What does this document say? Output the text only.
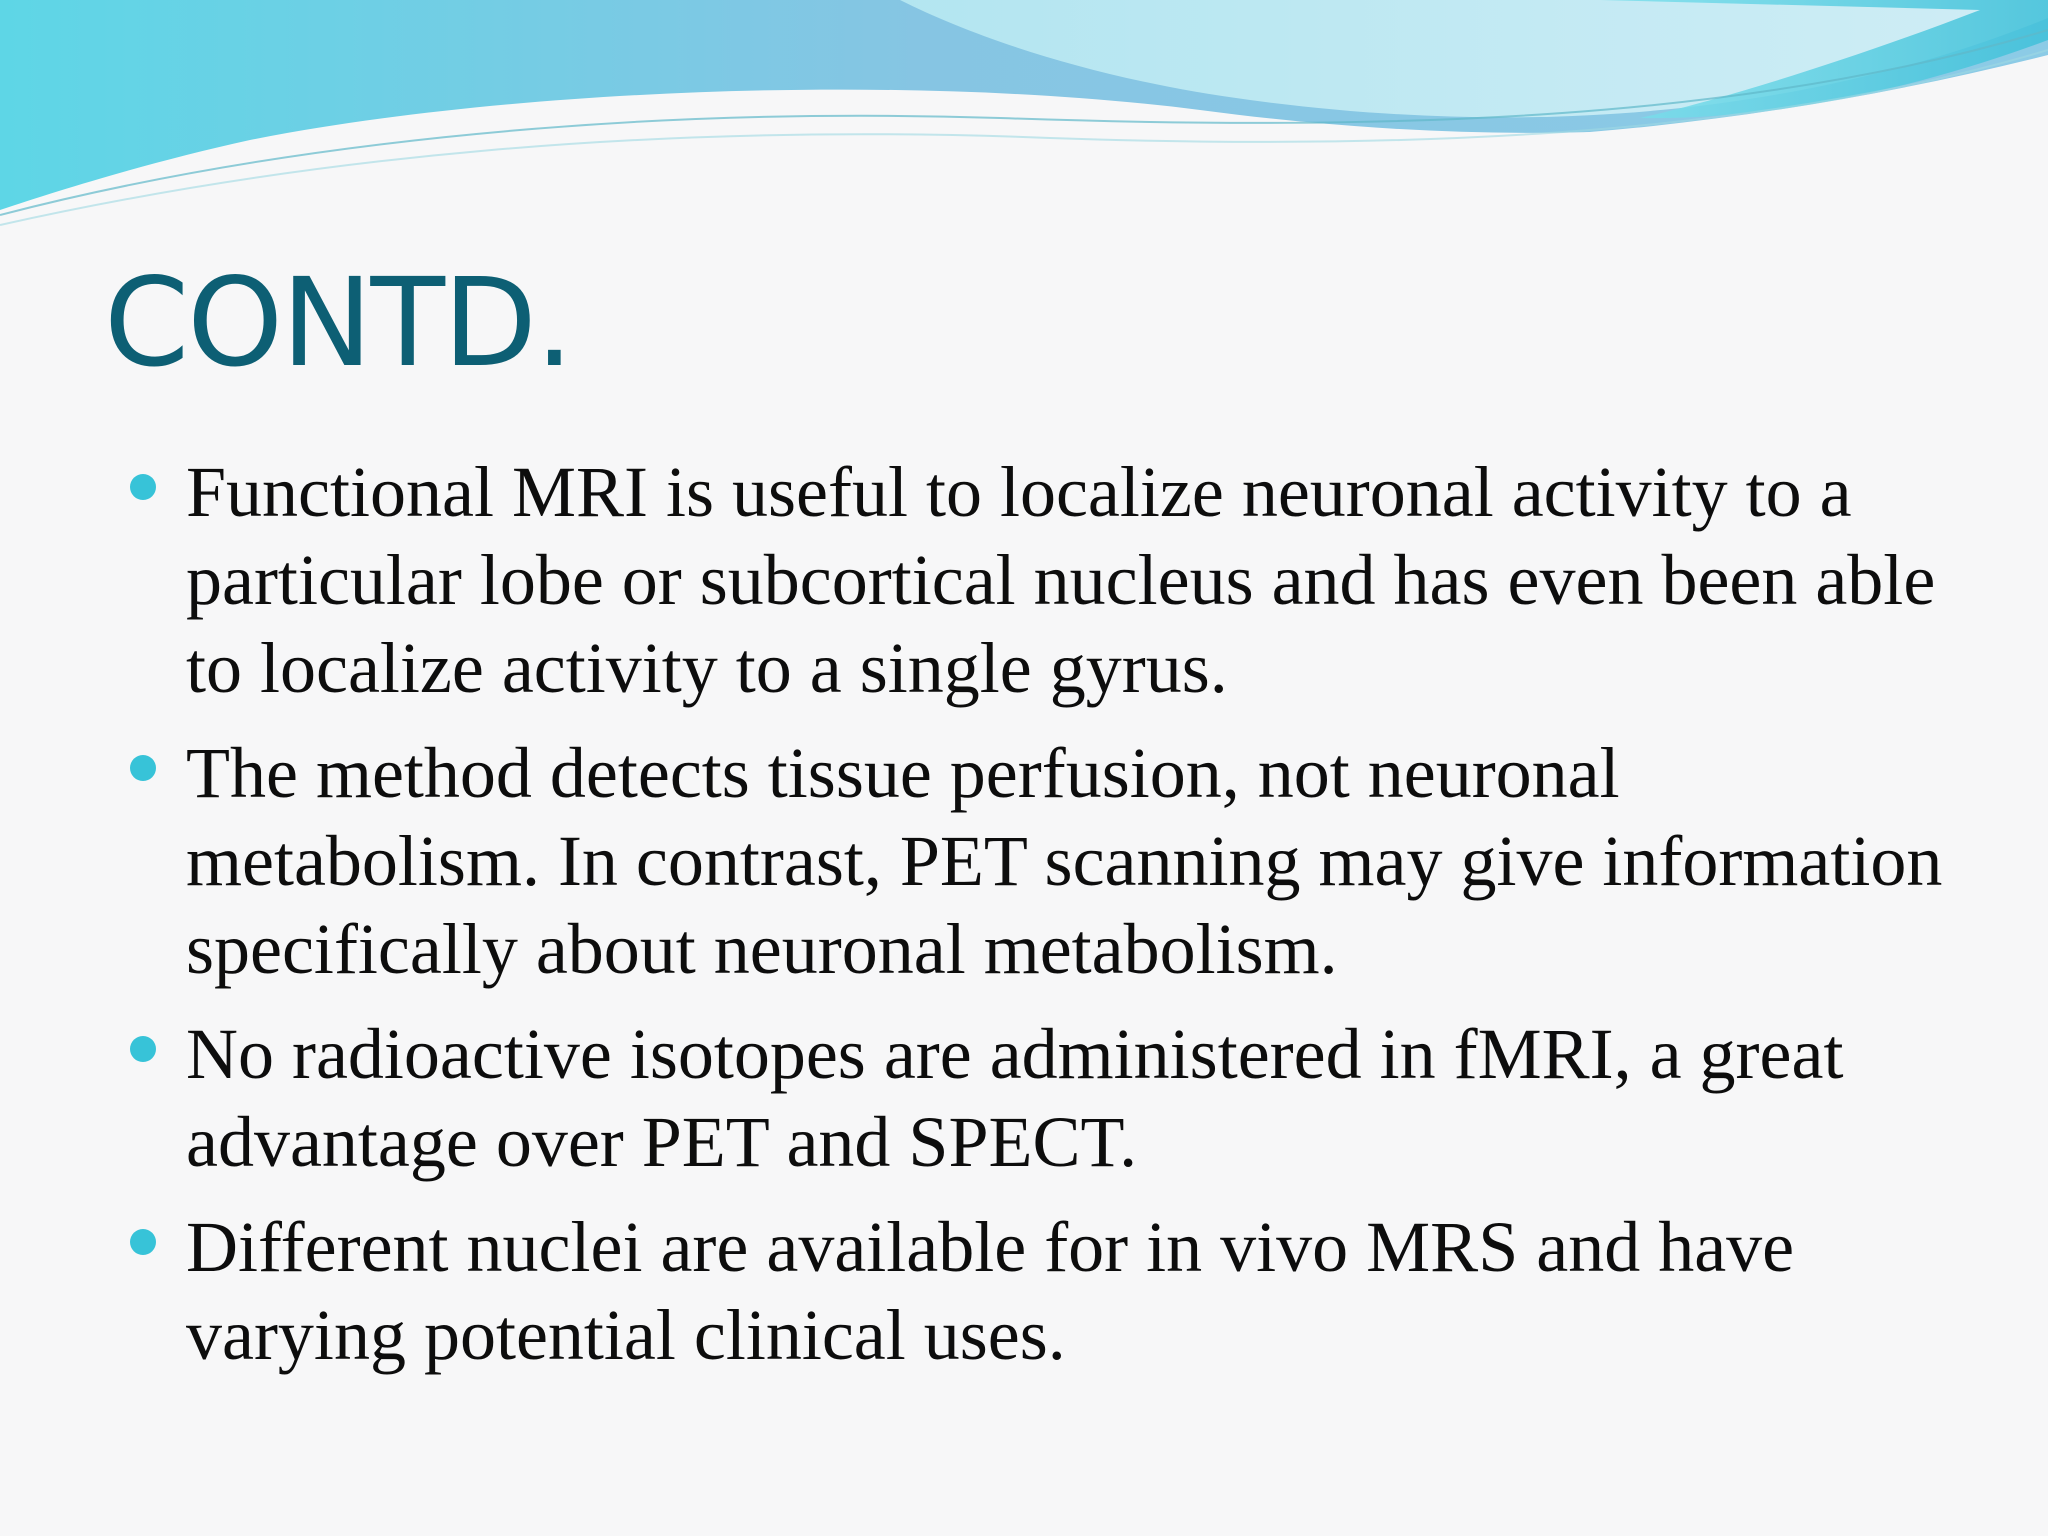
CONTD.
Functional MRI is useful to localize neuronal activity to a particular lobe or subcortical nucleus and has even been able to localize activity to a single gyrus.
The method detects tissue perfusion, not neuronal metabolism. In contrast, PET scanning may give information specifically about neuronal metabolism.
No radioactive isotopes are administered in fMRI, a great advantage over PET and SPECT.
Different nuclei are available for in vivo MRS and have varying potential clinical uses.
